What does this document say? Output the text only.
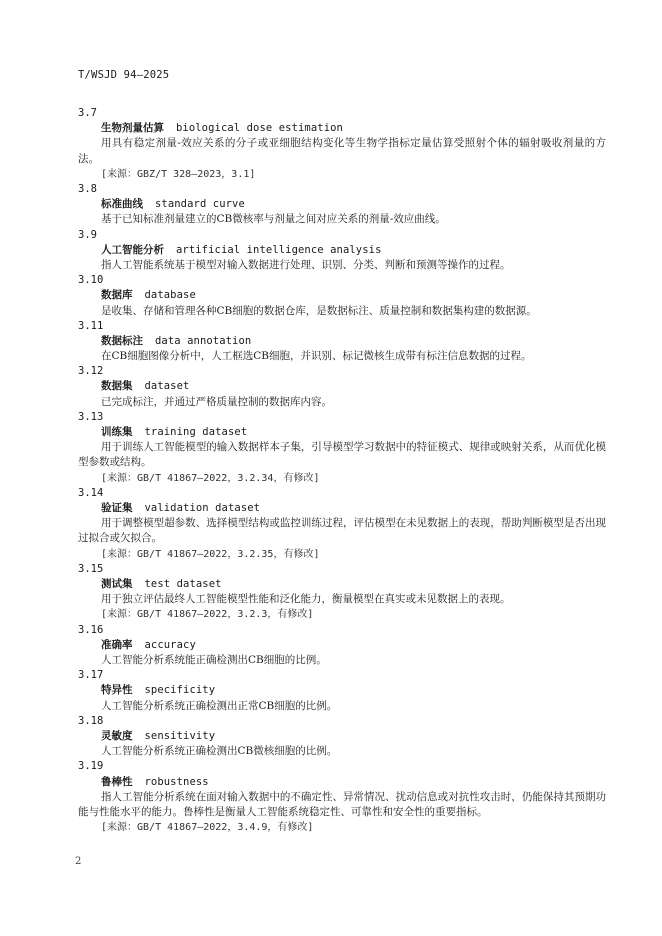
T/WSJD 94—2025
3.7
生物剂量估算 biological dose estimation
用具有稳定剂量-效应关系的分子或亚细胞结构变化等生物学指标定量估算受照射个体的辐射吸收剂量的方法。
[来源：GBZ/T 328—2023，3.1]
3.8
标准曲线 standard curve
基于已知标准剂量建立的CB微核率与剂量之间对应关系的剂量-效应曲线。
3.9
人工智能分析 artificial intelligence analysis
指人工智能系统基于模型对输入数据进行处理、识别、分类、判断和预测等操作的过程。
3.10
数据库 database
是收集、存储和管理各种CB细胞的数据仓库，是数据标注、质量控制和数据集构建的数据源。
3.11
数据标注 data annotation
在CB细胞图像分析中，人工框选CB细胞，并识别、标记微核生成带有标注信息数据的过程。
3.12
数据集 dataset
已完成标注，并通过严格质量控制的数据库内容。
3.13
训练集 training dataset
用于训练人工智能模型的输入数据样本子集，引导模型学习数据中的特征模式、规律或映射关系，从而优化模型参数或结构。
[来源：GB/T 41867—2022，3.2.34，有修改]
3.14
验证集 validation dataset
用于调整模型超参数、选择模型结构或监控训练过程，评估模型在未见数据上的表现，帮助判断模型是否出现过拟合或欠拟合。
[来源：GB/T 41867—2022，3.2.35，有修改]
3.15
测试集 test dataset
用于独立评估最终人工智能模型性能和泛化能力，衡量模型在真实或未见数据上的表现。
[来源：GB/T 41867—2022，3.2.3，有修改]
3.16
准确率 accuracy
人工智能分析系统能正确检测出CB细胞的比例。
3.17
特异性 specificity
人工智能分析系统正确检测出正常CB细胞的比例。
3.18
灵敏度 sensitivity
人工智能分析系统正确检测出CB微核细胞的比例。
3.19
鲁棒性 robustness
指人工智能分析系统在面对输入数据中的不确定性、异常情况、扰动信息或对抗性攻击时，仍能保持其预期功能与性能水平的能力。鲁棒性是衡量人工智能系统稳定性、可靠性和安全性的重要指标。
[来源：GB/T 41867—2022，3.4.9，有修改]
2
